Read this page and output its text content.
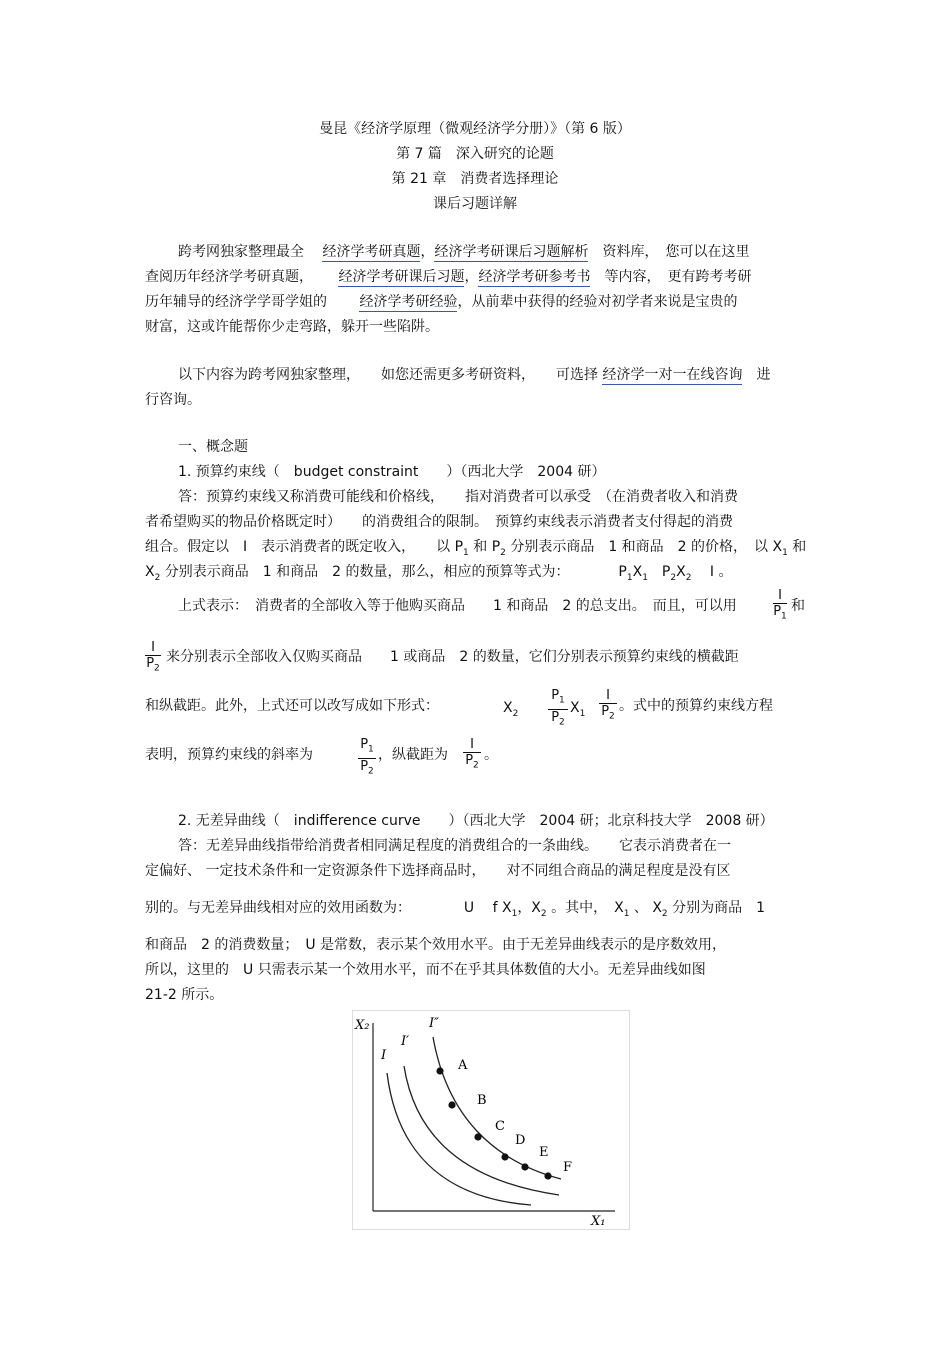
曼昆《经济学原理（微观经济学分册）》（第 6 版）
第 7 篇　深入研究的论题
第 21 章　消费者选择理论
课后习题详解
跨考网独家整理最全　 经济学考研真题，经济学考研课后习题解析　 资料库，　您可以在这里
查阅历年经济学考研真题，　　 经济学考研课后习题，经济学考研参考书　 等内容，　更有跨考考研
历年辅导的经济学学哥学姐的　　 经济学考研经验，从前辈中获得的经验对初学者来说是宝贵的
财富，这或许能帮你少走弯路，躲开一些陷阱。
以下内容为跨考网独家整理，　　如您还需更多考研资料，　　可选择 经济学一对一在线咨询　 进
行咨询。
一、概念题
1. 预算约束线（　budget constraint　　）（西北大学　2004 研）
答：预算约束线又称消费可能线和价格线，　　指对消费者可以承受　（在消费者收入和消费
者希望购买的物品价格既定时）　　的消费组合的限制。　预算约束线表示消费者支付得起的消费
组合。假定以　I　表示消费者的既定收入，　　以 $P_1$ 和 $P_2$ 分别表示商品　1 和商品　2 的价格，　以 $X_1$ 和
$X_2$ 分别表示商品　1 和商品　2 的数量，那么，相应的预算等式为：	$P_1X_1$　$P_2X_2$　 I 。
上式表示：　消费者的全部收入等于他购买商品　　1 和商品　2 的总支出。　而且，可以用	$\frac{I}{P_1}$ 和
$\frac{I}{P_2}$ 来分别表示全部收入仅购买商品　　1 或商品　2 的数量，它们分别表示预算约束线的横截距
和纵截距。此外，上式还可以改写成如下形式：	$X_2 \frac{P_1}{P_2} X_1 \frac{I}{P_2}$ 。式中的预算约束线方程
表明，预算约束线的斜率为	$\frac{P_1}{P_2}$ ，纵截距为 $\frac{I}{P_2}$ 。
2. 无差异曲线（　indifference curve　　）（西北大学　2004 研；北京科技大学　2008 研）
答：无差异曲线指带给消费者相同满足程度的消费组合的一条曲线。　　它表示消费者在一
定偏好、 一定技术条件和一定资源条件下选择商品时，　　对不同组合商品的满足程度是没有区
别的。与无差异曲线相对应的效用函数为：	U　 f $X_1$，$X_2$ 。其中，　$X_1$ 、 $X_2$ 分别为商品　1
和商品　2 的消费数量；　U 是常数，表示某个效用水平。由于无差异曲线表示的是序数效用，
所以，这里的　U 只需表示某一个效用水平，而不在乎其具体数值的大小。无差异曲线如图
21-2 所示。
X₂
X₁
I
I′
I″
A
B
C
D
E
F
